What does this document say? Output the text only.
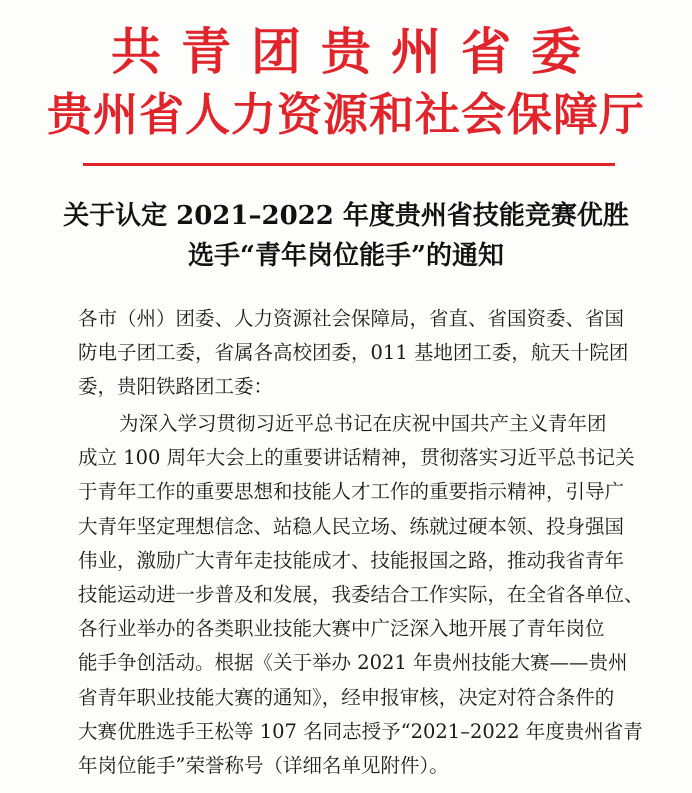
共青团贵州省委
贵州省人力资源和社会保障厅
关于认定 2021–2022 年度贵州省技能竞赛优胜
选手“青年岗位能手”的通知
各市（州）团委、人力资源社会保障局，省直、省国资委、省国
防电子团工委，省属各高校团委，011 基地团工委，航天十院团
委，贵阳铁路团工委：
为深入学习贯彻习近平总书记在庆祝中国共产主义青年团
成立 100 周年大会上的重要讲话精神，贯彻落实习近平总书记关
于青年工作的重要思想和技能人才工作的重要指示精神，引导广
大青年坚定理想信念、站稳人民立场、练就过硬本领、投身强国
伟业，激励广大青年走技能成才、技能报国之路，推动我省青年
技能运动进一步普及和发展，我委结合工作实际，在全省各单位、
各行业举办的各类职业技能大赛中广泛深入地开展了青年岗位
能手争创活动。根据《关于举办 2021 年贵州技能大赛——贵州
省青年职业技能大赛的通知》，经申报审核，决定对符合条件的
大赛优胜选手王松等 107 名同志授予“2021–2022 年度贵州省青
年岗位能手”荣誉称号（详细名单见附件）。
